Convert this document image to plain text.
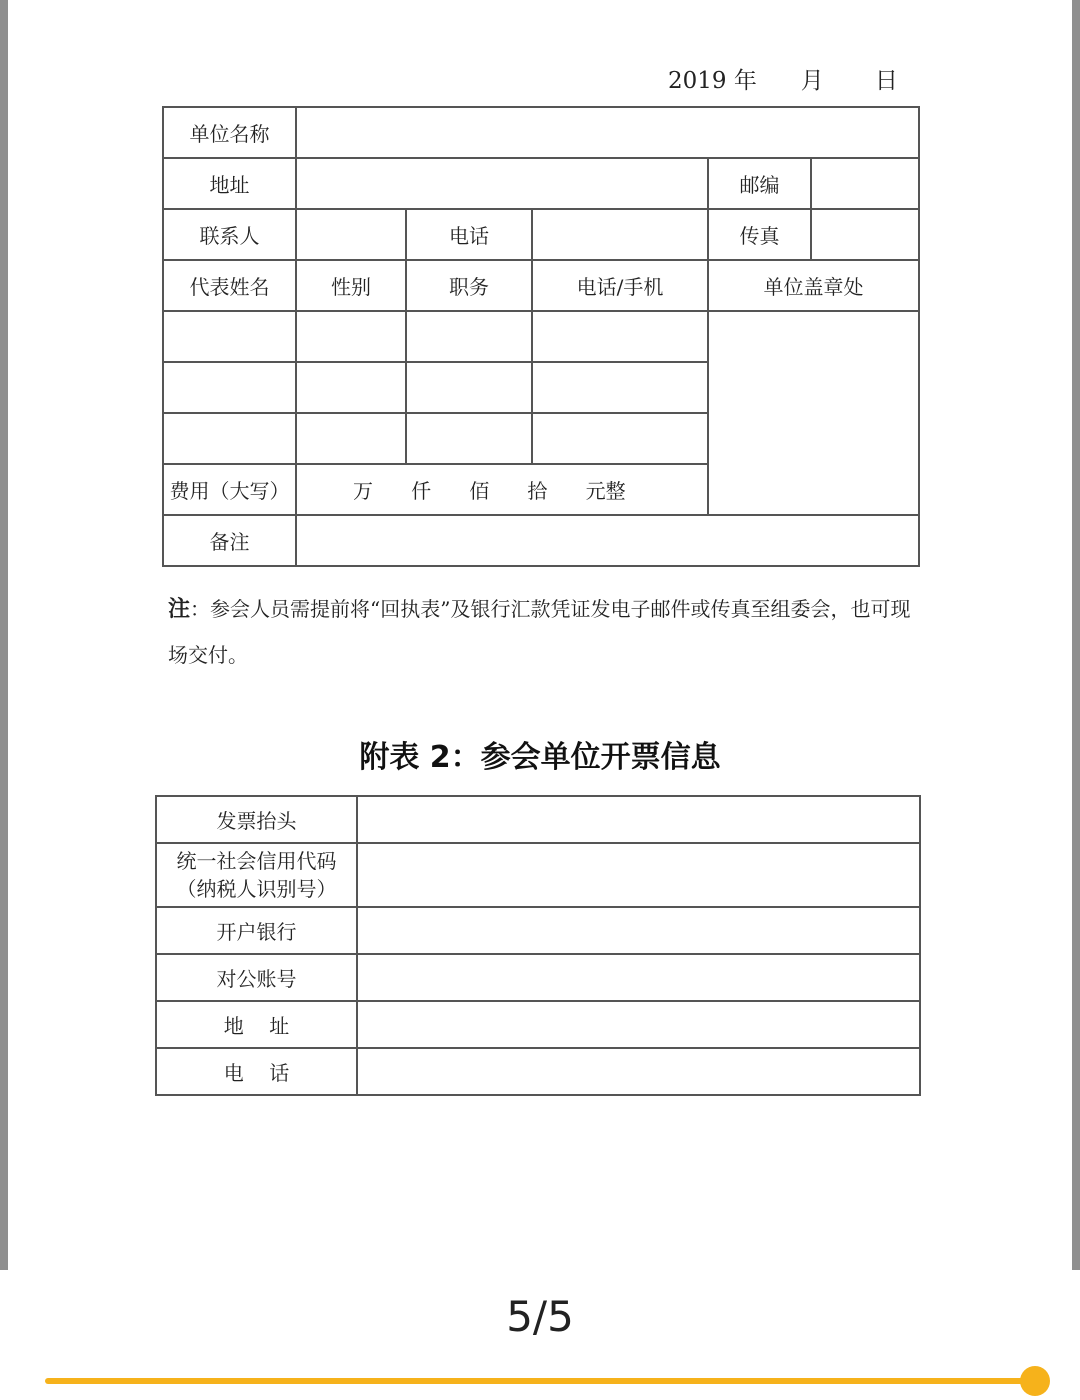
2019 年      月       日
单位名称					
地址				邮编	
联系人		电话		传真	
代表姓名	性别	职务	电话/手机	单位盖章处	

费用（大写）	万      仟      佰      拾      元整				
备注					
注：参会人员需提前将“回执表”及银行汇款凭证发电子邮件或传真至组委会，也可现场交付。
附表 2：参会单位开票信息
发票抬头	
统一社会信用代码（纳税人识别号）	
开户银行	
对公账号	
地    址	
电    话	
5/5
